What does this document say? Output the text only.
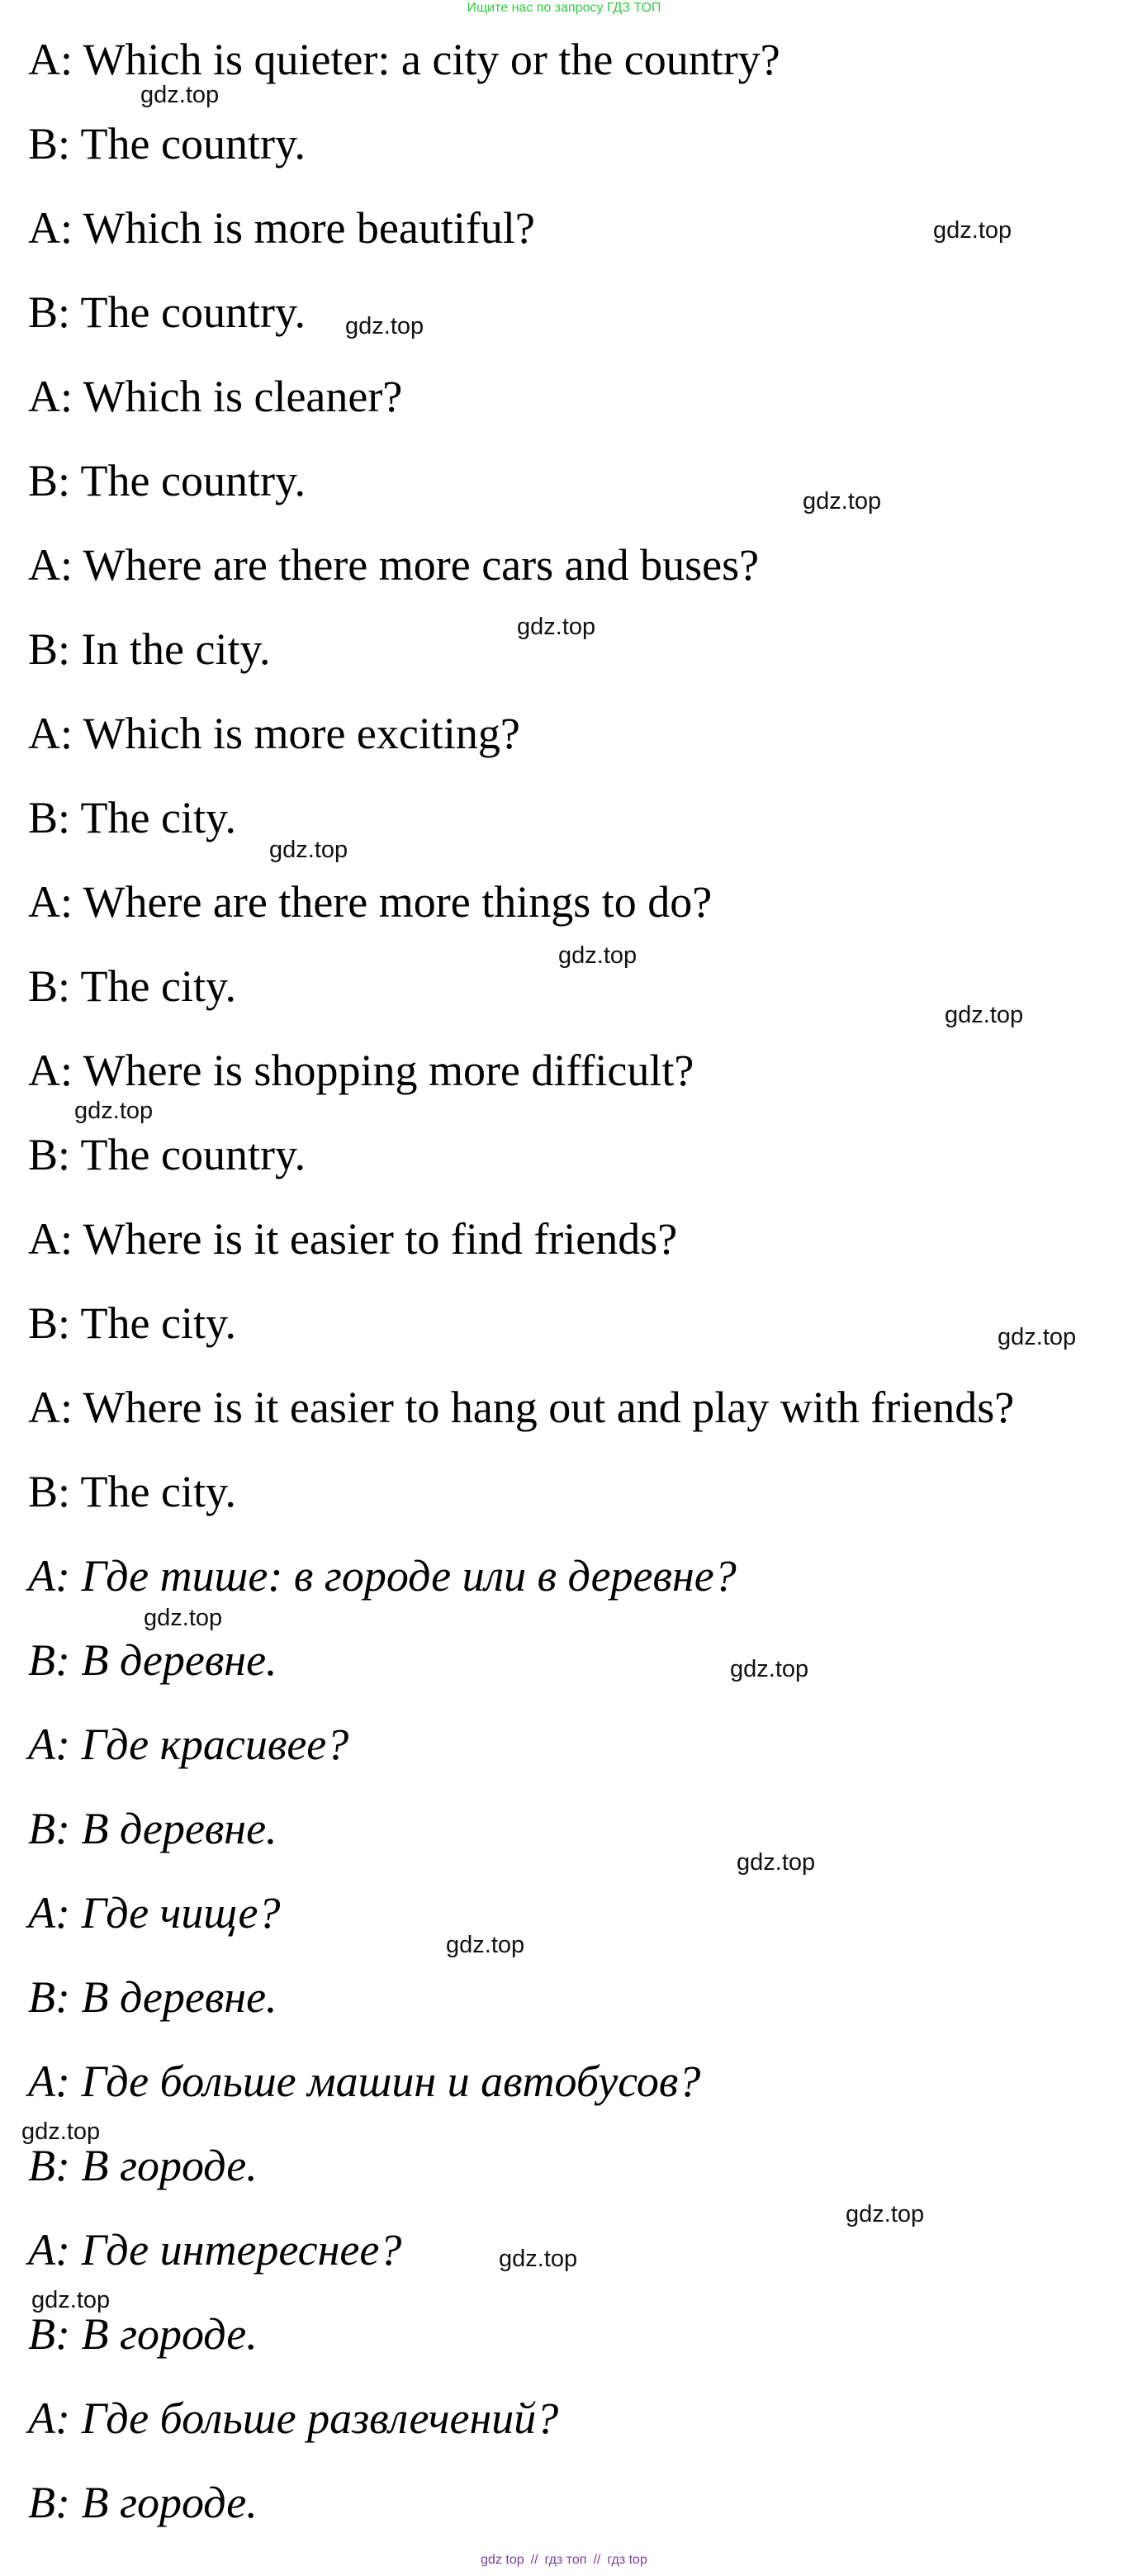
Ищите нас по запросу ГДЗ ТОП
A: Which is quieter: a city or the country?
B: The country.
A: Which is more beautiful?
B: The country.
A: Which is cleaner?
B: The country.
A: Where are there more cars and buses?
B: In the city.
A: Which is more exciting?
B: The city.
A: Where are there more things to do?
B: The city.
A: Where is shopping more difficult?
B: The country.
A: Where is it easier to find friends?
B: The city.
A: Where is it easier to hang out and play with friends?
B: The city.
A: Где тише: в городе или в деревне?
B: В деревне.
A: Где красивее?
B: В деревне.
A: Где чище?
B: В деревне.
A: Где больше машин и автобусов?
B: В городе.
A: Где интереснее?
B: В городе.
A: Где больше развлечений?
B: В городе.
gdz.top
gdz.top
gdz.top
gdz.top
gdz.top
gdz.top
gdz.top
gdz.top
gdz.top
gdz.top
gdz.top
gdz.top
gdz.top
gdz.top
gdz.top
gdz.top
gdz.top
gdz.top
gdz top // гдз топ // гдз top
